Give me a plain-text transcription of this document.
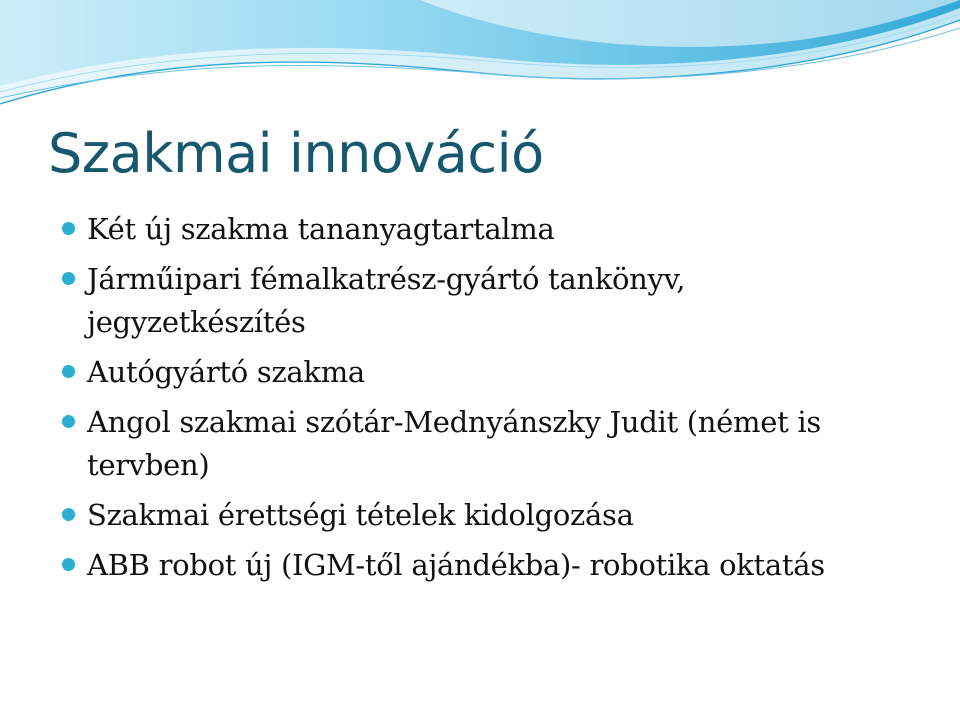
Szakmai innováció
Két új szakma tananyagtartalma
Járműipari fémalkatrész-gyártó tankönyv, jegyzetkészítés
Autógyártó szakma
Angol szakmai szótár-Mednyánszky Judit (német is tervben)
Szakmai érettségi tételek kidolgozása
ABB robot új (IGM-től ajándékba)- robotika oktatás
